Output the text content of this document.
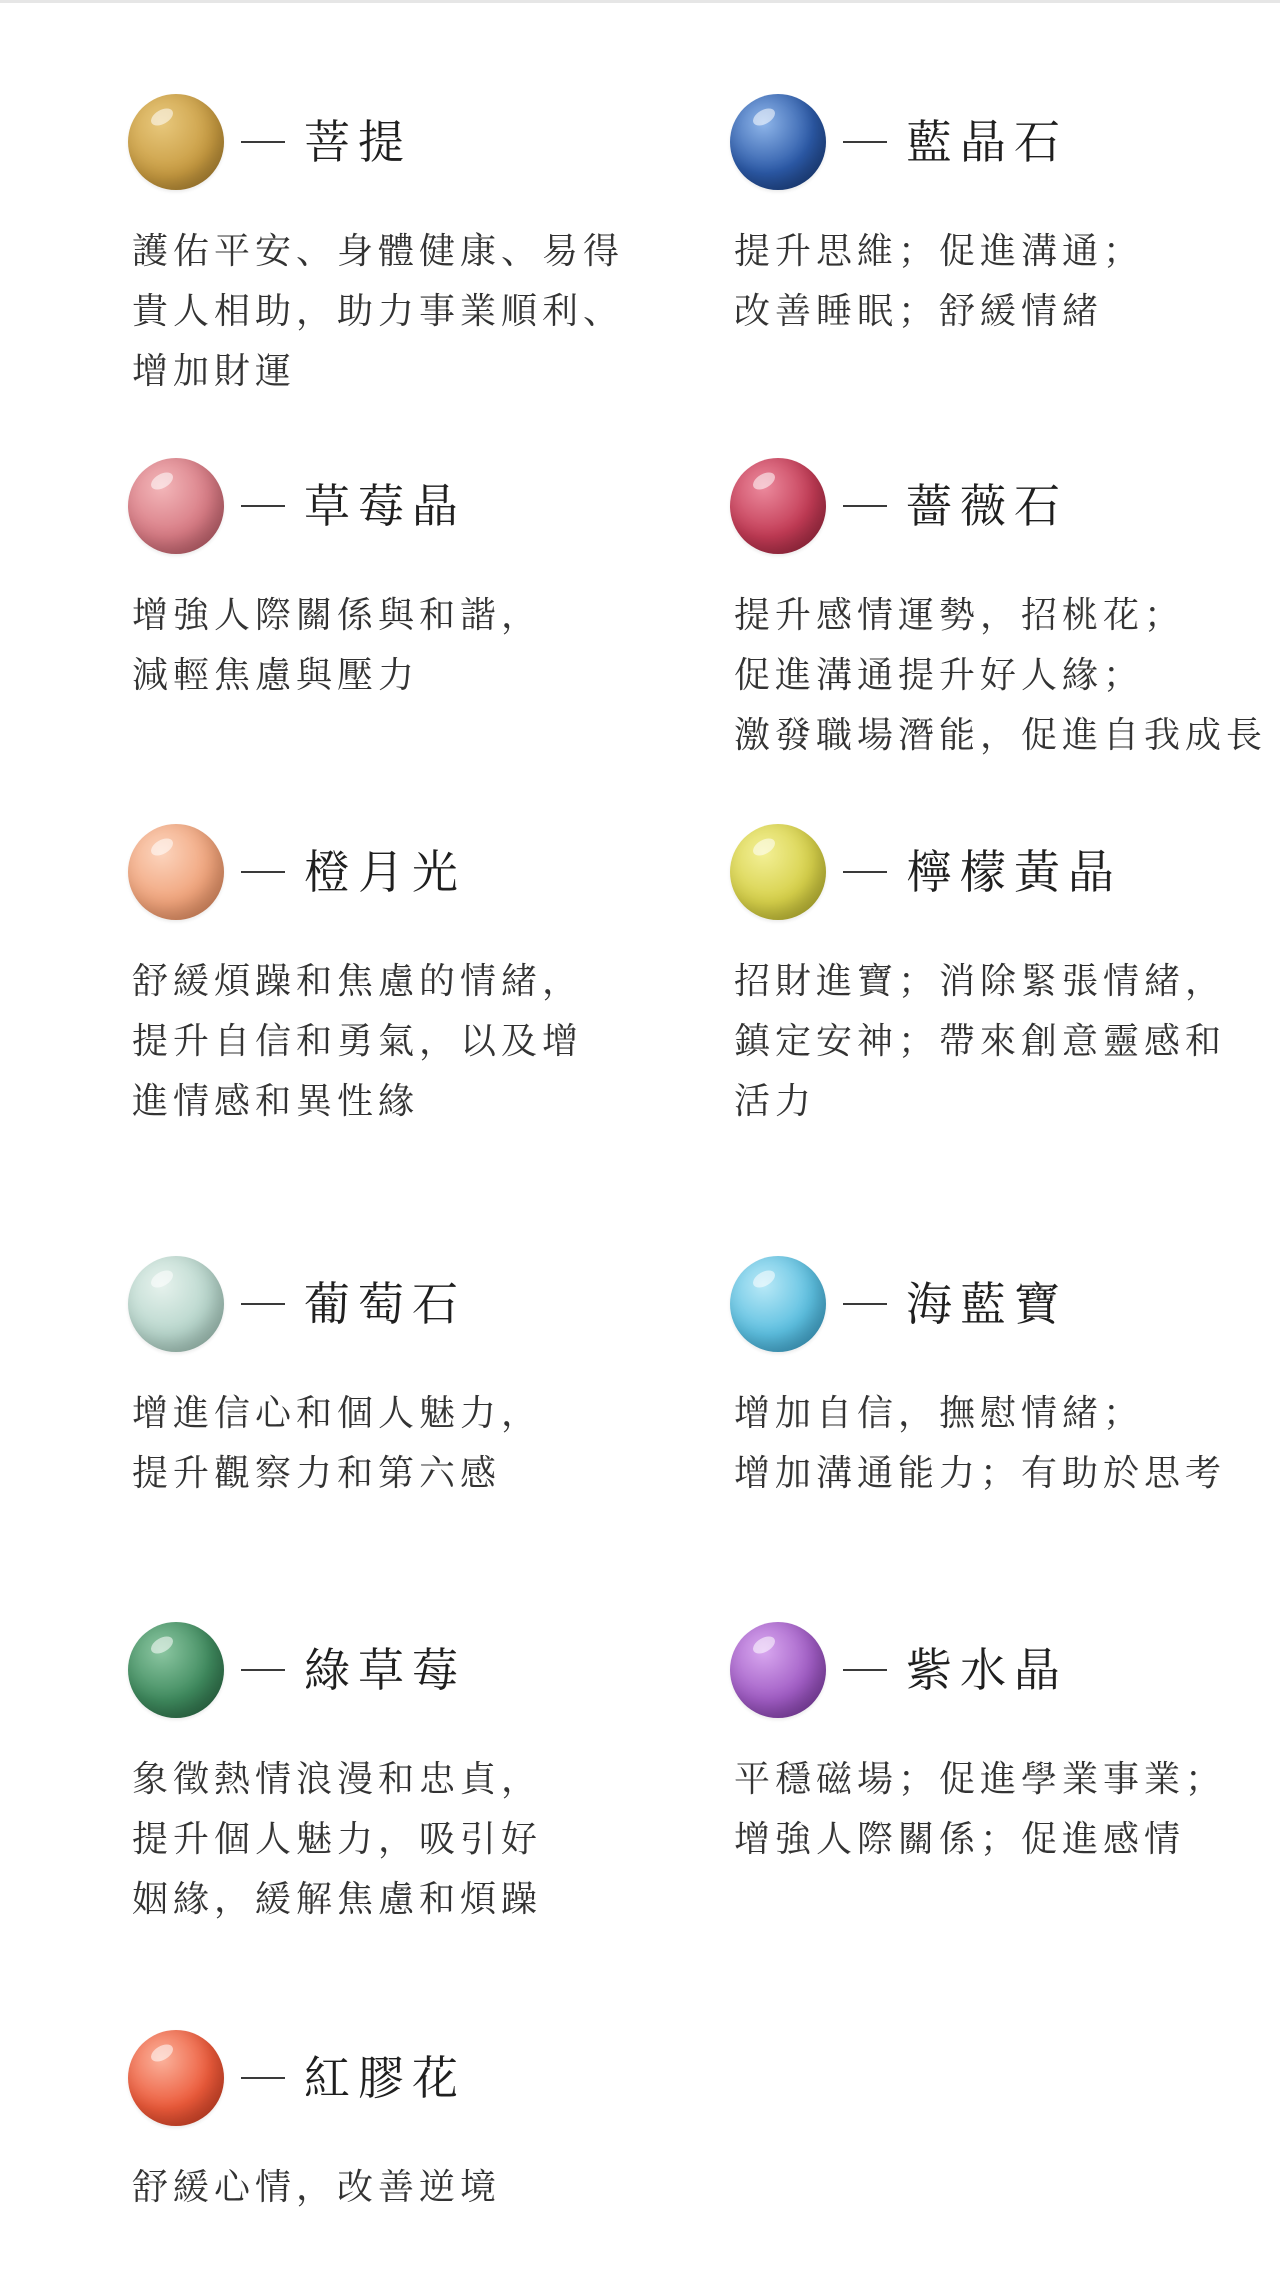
菩提
護佑平安、身體健康、易得
貴人相助，助力事業順利、
增加財運
藍晶石
提升思維；促進溝通；
改善睡眠；舒緩情緒
草莓晶
增強人際關係與和諧，
減輕焦慮與壓力
薔薇石
提升感情運勢，招桃花；
促進溝通提升好人緣；
激發職場潛能，促進自我成長
橙月光
舒緩煩躁和焦慮的情緒，
提升自信和勇氣，以及增
進情感和異性緣
檸檬黃晶
招財進寶；消除緊張情緒，
鎮定安神；帶來創意靈感和
活力
葡萄石
增進信心和個人魅力，
提升觀察力和第六感
海藍寶
增加自信，撫慰情緒；
增加溝通能力；有助於思考
綠草莓
象徵熱情浪漫和忠貞，
提升個人魅力，吸引好
姻緣，緩解焦慮和煩躁
紫水晶
平穩磁場；促進學業事業；
增強人際關係；促進感情
紅膠花
舒緩心情，改善逆境
